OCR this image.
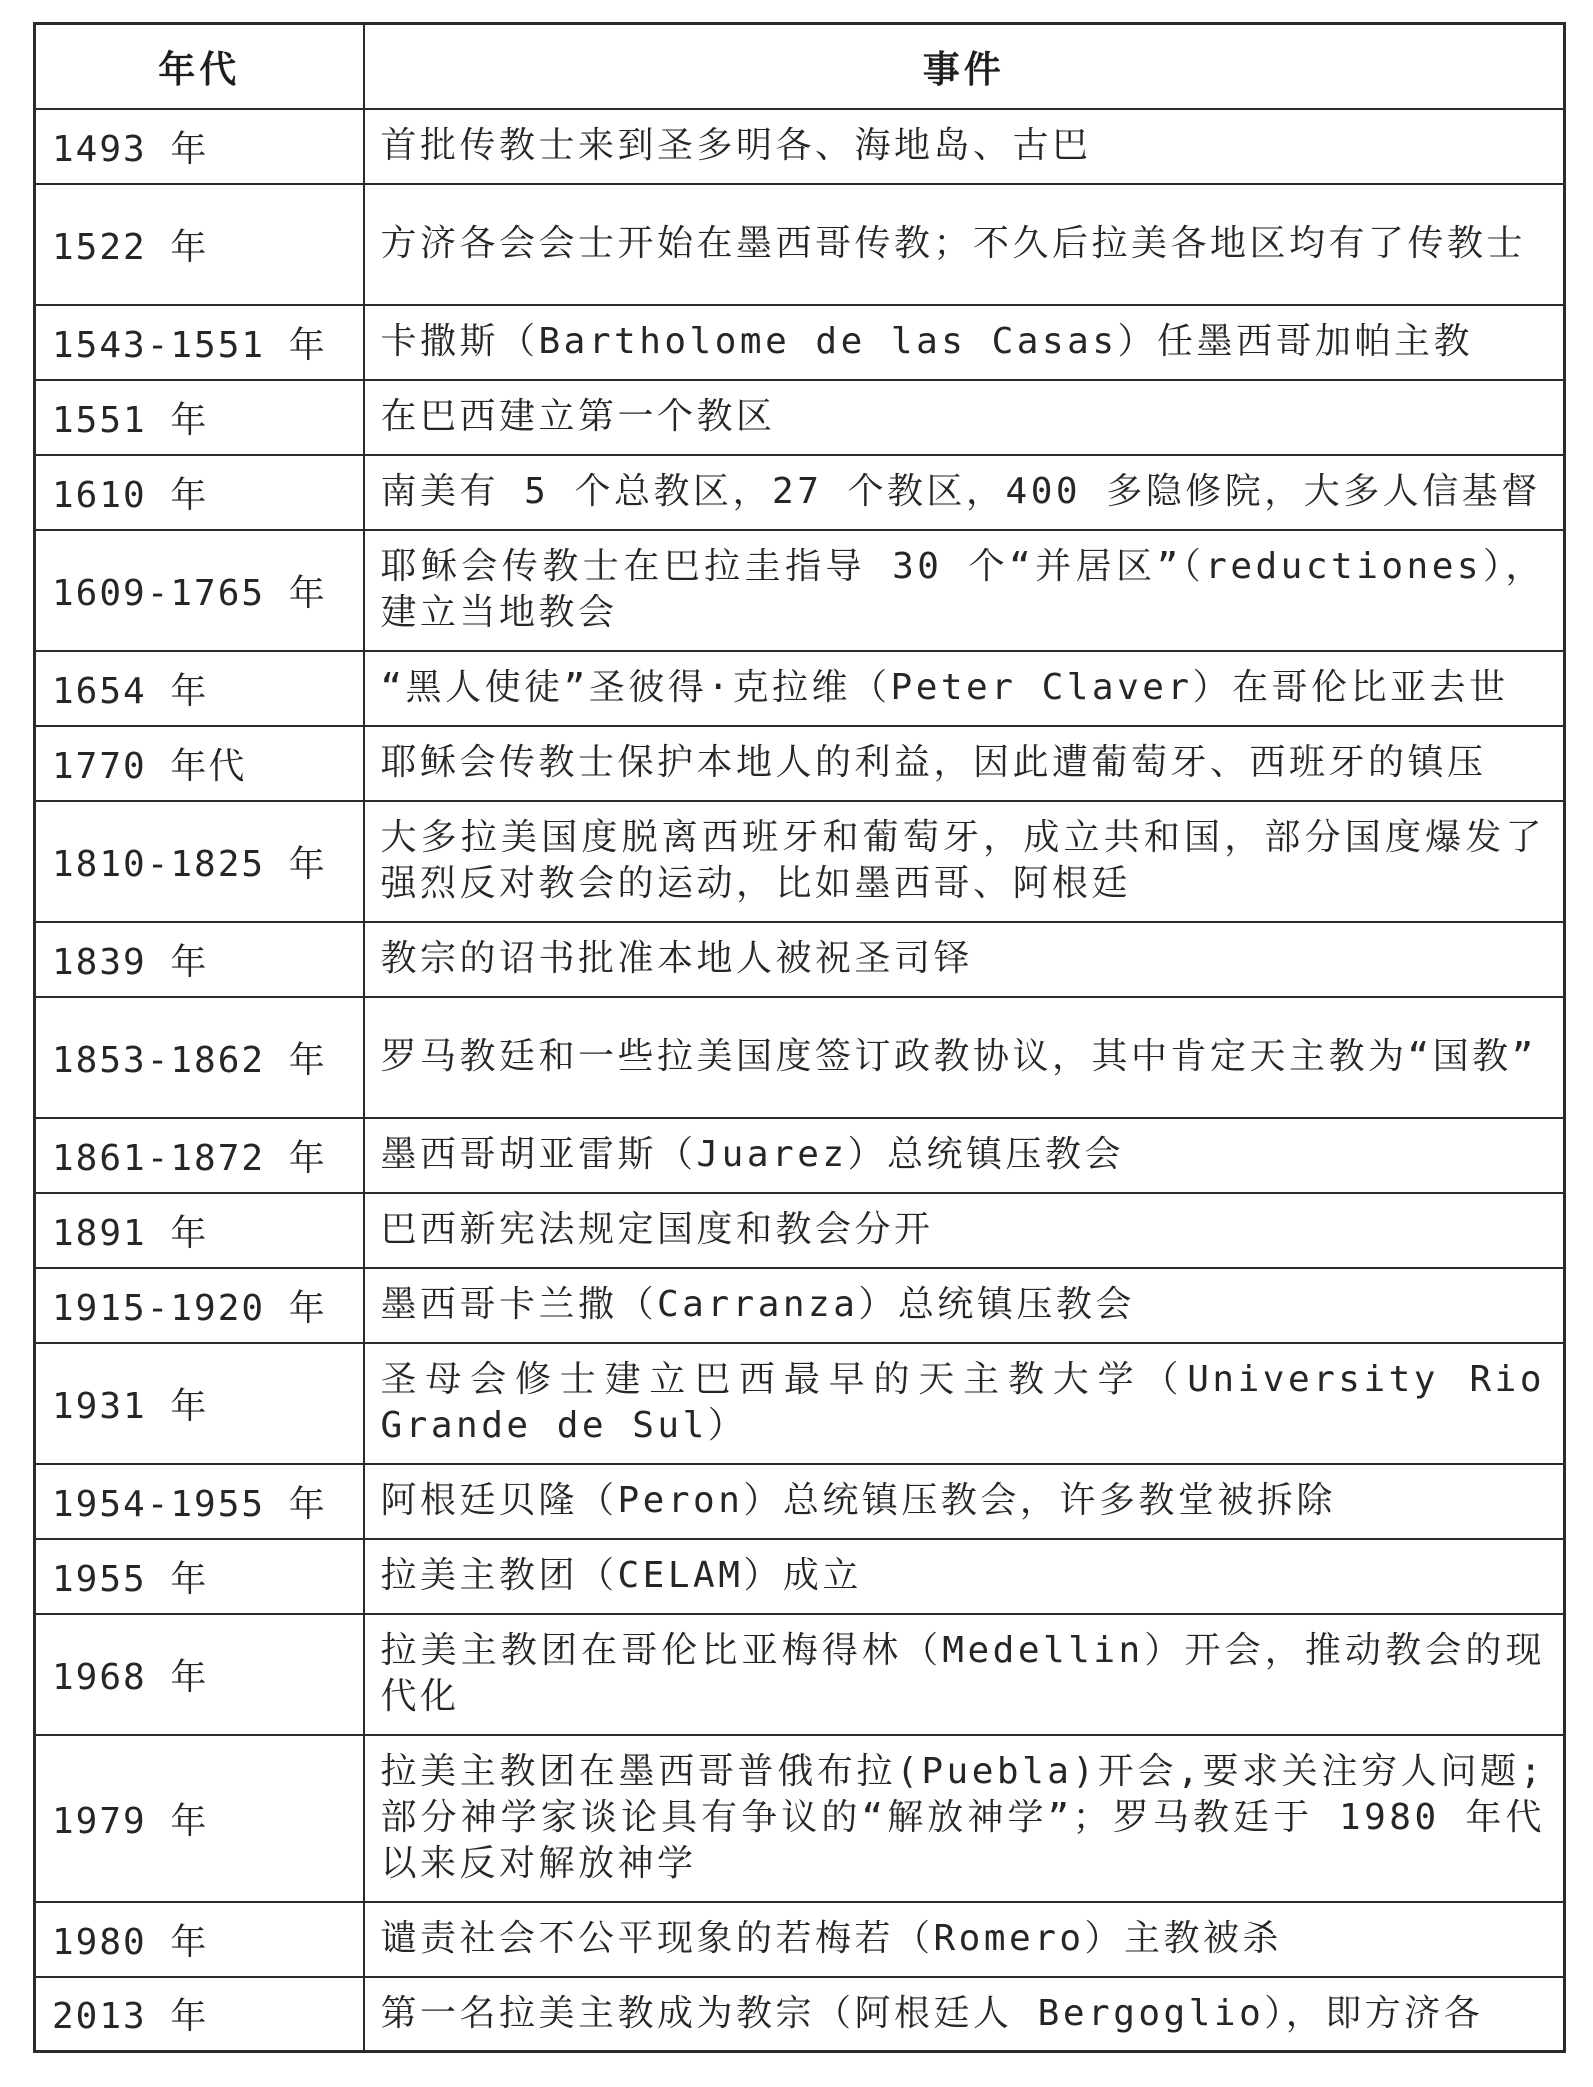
年代	事件
1493 年	首批传教士来到圣多明各、海地岛、古巴
1522 年	方济各会会士开始在墨西哥传教；不久后拉美各地区均有了传教士
1543-1551 年	卡撒斯（Bartholome de las Casas）任墨西哥加帕主教
1551 年	在巴西建立第一个教区
1610 年	南美有 5 个总教区，27 个教区，400 多隐修院，大多人信基督
1609-1765 年	耶稣会传教士在巴拉圭指导 30 个“并居区”（reductiones），建立当地教会
1654 年	“黑人使徒”圣彼得·克拉维（Peter Claver）在哥伦比亚去世
1770 年代	耶稣会传教士保护本地人的利益，因此遭葡萄牙、西班牙的镇压
1810-1825 年	大多拉美国度脱离西班牙和葡萄牙，成立共和国，部分国度爆发了强烈反对教会的运动，比如墨西哥、阿根廷
1839 年	教宗的诏书批准本地人被祝圣司铎
1853-1862 年	罗马教廷和一些拉美国度签订政教协议，其中肯定天主教为“国教”
1861-1872 年	墨西哥胡亚雷斯（Juarez）总统镇压教会
1891 年	巴西新宪法规定国度和教会分开
1915-1920 年	墨西哥卡兰撒（Carranza）总统镇压教会
1931 年	圣母会修士建立巴西最早的天主教大学（University Rio Grande de Sul）
1954-1955 年	阿根廷贝隆（Peron）总统镇压教会，许多教堂被拆除
1955 年	拉美主教团（CELAM）成立
1968 年	拉美主教团在哥伦比亚梅得林（Medellin）开会，推动教会的现代化
1979 年	拉美主教团在墨西哥普俄布拉(Puebla)开会,要求关注穷人问题;部分神学家谈论具有争议的“解放神学”；罗马教廷于 1980 年代以来反对解放神学
1980 年	谴责社会不公平现象的若梅若（Romero）主教被杀
2013 年	第一名拉美主教成为教宗（阿根廷人 Bergoglio），即方济各
